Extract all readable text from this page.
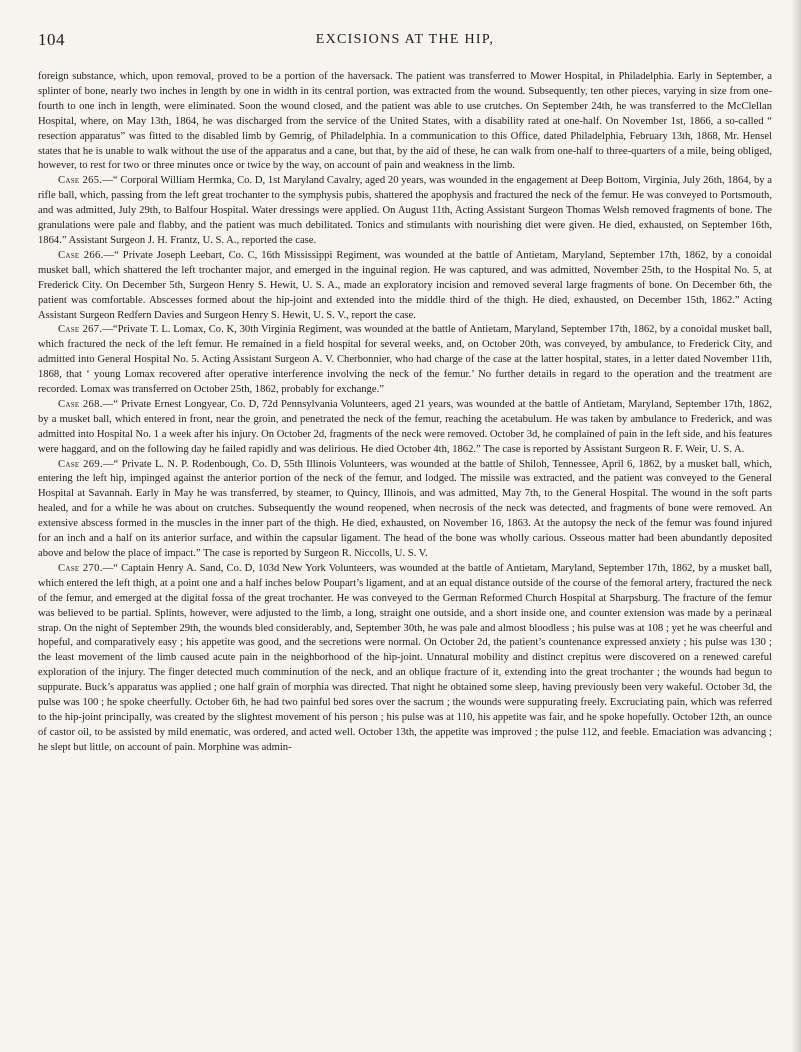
104	EXCISIONS AT THE HIP,

foreign substance, which, upon removal, proved to be a portion of the haversack. The patient was transferred to Mower Hospital, in Philadelphia. Early in September, a splinter of bone, nearly two inches in length by one in width in its central portion, was extracted from the wound. Subsequently, ten other pieces, varying in size from one-fourth to one inch in length, were eliminated. Soon the wound closed, and the patient was able to use crutches. On September 24th, he was transferred to the McClellan Hospital, where, on May 13th, 1864, he was discharged from the service of the United States, with a disability rated at one-half. On November 1st, 1866, a so-called “ resection apparatus” was fitted to the disabled limb by Gemrig, of Philadelphia. In a communication to this Office, dated Philadelphia, February 13th, 1868, Mr. Hensel states that he is unable to walk without the use of the apparatus and a cane, but that, by the aid of these, he can walk from one-half to three-quarters of a mile, being obliged, however, to rest for two or three minutes once or twice by the way, on account of pain and weakness in the limb.

Case 265.—“ Corporal William Hermka, Co. D, 1st Maryland Cavalry, aged 20 years, was wounded in the engagement at Deep Bottom, Virginia, July 26th, 1864, by a rifle ball, which, passing from the left great trochanter to the symphysis pubis, shattered the apophysis and fractured the neck of the femur. He was conveyed to Portsmouth, and was admitted, July 29th, to Balfour Hospital. Water dressings were applied. On August 11th, Acting Assistant Surgeon Thomas Welsh removed fragments of bone. The granulations were pale and flabby, and the patient was much debilitated. Tonics and stimulants with nourishing diet were given. He died, exhausted, on September 16th, 1864.” Assistant Surgeon J. H. Frantz, U. S. A., reported the case.

Case 266.—“ Private Joseph Leebart, Co. C, 16th Mississippi Regiment, was wounded at the battle of Antietam, Maryland, September 17th, 1862, by a conoidal musket ball, which shattered the left trochanter major, and emerged in the inguinal region. He was captured, and was admitted, November 25th, to the Hospital No. 5, at Frederick City. On December 5th, Surgeon Henry S. Hewit, U. S. A., made an exploratory incision and removed several large fragments of bone. On December 6th, the patient was comfortable. Abscesses formed about the hip-joint and extended into the middle third of the thigh. He died, exhausted, on December 15th, 1862.” Acting Assistant Surgeon Redfern Davies and Surgeon Henry S. Hewit, U. S. V., report the case.

Case 267.—“Private T. L. Lomax, Co. K, 30th Virginia Regiment, was wounded at the battle of Antietam, Maryland, September 17th, 1862, by a conoidal musket ball, which fractured the neck of the left femur. He remained in a field hospital for several weeks, and, on October 20th, was conveyed, by ambulance, to Frederick City, and admitted into General Hospital No. 5. Acting Assistant Surgeon A. V. Cherbonnier, who had charge of the case at the latter hospital, states, in a letter dated November 11th, 1868, that ‘ young Lomax recovered after operative interference involving the neck of the femur.’ No further details in regard to the operation and the treatment are recorded. Lomax was transferred on October 25th, 1862, probably for exchange.”

Case 268.—“ Private Ernest Longyear, Co. D, 72d Pennsylvania Volunteers, aged 21 years, was wounded at the battle of Antietam, Maryland, September 17th, 1862, by a musket ball, which entered in front, near the groin, and penetrated the neck of the femur, reaching the acetabulum. He was taken by ambulance to Frederick, and was admitted into Hospital No. 1 a week after his injury. On October 2d, fragments of the neck were removed. October 3d, he complained of pain in the left side, and his features were haggard, and on the following day he failed rapidly and was delirious. He died October 4th, 1862.” The case is reported by Assistant Surgeon R. F. Weir, U. S. A.

Case 269.—“ Private L. N. P. Rodenbough, Co. D, 55th Illinois Volunteers, was wounded at the battle of Shiloh, Tennessee, April 6, 1862, by a musket ball, which, entering the left hip, impinged against the anterior portion of the neck of the femur, and lodged. The missile was extracted, and the patient was conveyed to the General Hospital at Savannah. Early in May he was transferred, by steamer, to Quincy, Illinois, and was admitted, May 7th, to the General Hospital. The wound in the soft parts healed, and for a while he was about on crutches. Subsequently the wound reopened, when necrosis of the neck was detected, and fragments of bone were removed. An extensive abscess formed in the muscles in the inner part of the thigh. He died, exhausted, on November 16, 1863. At the autopsy the neck of the femur was found injured for an inch and a half on its anterior surface, and within the capsular ligament. The head of the bone was wholly carious. Osseous matter had been abundantly deposited above and below the place of impact.” The case is reported by Surgeon R. Niccolls, U. S. V.

Case 270.—“ Captain Henry A. Sand, Co. D, 103d New York Volunteers, was wounded at the battle of Antietam, Maryland, September 17th, 1862, by a musket ball, which entered the left thigh, at a point one and a half inches below Poupart’s ligament, and at an equal distance outside of the course of the femoral artery, fractured the neck of the femur, and emerged at the digital fossa of the great trochanter. He was conveyed to the German Reformed Church Hospital at Sharpsburg. The fracture of the femur was believed to be partial. Splints, however, were adjusted to the limb, a long, straight one outside, and a short inside one, and counter extension was made by a perinæal strap. On the night of September 29th, the wounds bled considerably, and, September 30th, he was pale and almost bloodless ; his pulse was at 108 ; yet he was cheerful and hopeful, and comparatively easy ; his appetite was good, and the secretions were normal. On October 2d, the patient’s countenance expressed anxiety ; his pulse was 130 ; the least movement of the limb caused acute pain in the neighborhood of the hip-joint. Unnatural mobility and distinct crepitus were discovered on a renewed careful exploration of the injury. The finger detected much comminution of the neck, and an oblique fracture of it, extending into the great trochanter ; the wounds had begun to suppurate. Buck’s apparatus was applied ; one half grain of morphia was directed. That night he obtained some sleep, having previously been very wakeful. October 3d, the pulse was 100 ; he spoke cheerfully. October 6th, he had two painful bed sores over the sacrum ; the wounds were suppurating freely. Excruciating pain, which was referred to the hip-joint principally, was created by the slightest movement of his person ; his pulse was at 110, his appetite was fair, and he spoke hopefully. October 12th, an ounce of castor oil, to be assisted by mild enematic, was ordered, and acted well. October 13th, the appetite was improved ; the pulse 112, and feeble. Emaciation was advancing ; he slept but little, on account of pain. Morphine was admin-
